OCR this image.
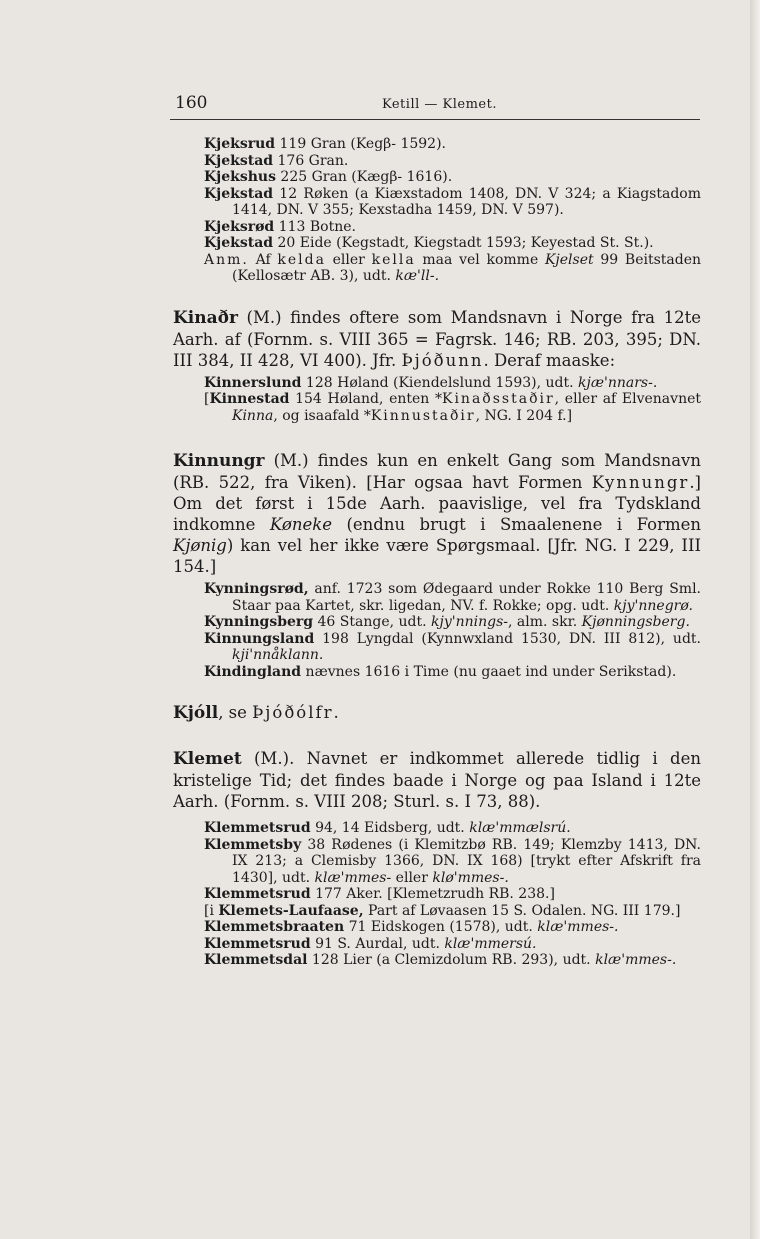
160	Ketill — Klemet.
Kjeksrud 119 Gran (Kegβ- 1592).
Kjekstad 176 Gran.
Kjekshus 225 Gran (Kægβ- 1616).
Kjekstad 12 Røken (a Kiæxstadom 1408, DN. V 324; a Kiagstadom 1414, DN. V 355; Kexstadha 1459, DN. V 597).
Kjeksrød 113 Botne.
Kjekstad 20 Eide (Kegstadt, Kiegstadt 1593; Keyestad St. St.).
Anm. Af kelda eller kella maa vel komme Kjelset 99 Beitstaden (Kellosætr AB. 3), udt. kæ'll-.
Kinaðr (M.) findes oftere som Mandsnavn i Norge fra 12te Aarh. af (Fornm. s. VIII 365 = Fagrsk. 146; RB. 203, 395; DN. III 384, II 428, VI 400). Jfr. Þjóðunn. Deraf maaske:
Kinnerslund 128 Høland (Kiendelslund 1593), udt. kjæ'nnars-.
[Kinnestad 154 Høland, enten *Kinaðsstaðir, eller af Elvenavnet Kinna, og isaafald *Kinnustaðir, NG. I 204 f.]
Kinnungr (M.) findes kun en enkelt Gang som Mandsnavn (RB. 522, fra Viken). [Har ogsaa havt Formen Kynnungr.] Om det først i 15de Aarh. paavislige, vel fra Tydskland indkomne Køneke (endnu brugt i Smaalenene i Formen Kjønig) kan vel her ikke være Spørgsmaal. [Jfr. NG. I 229, III 154.]
Kynningsrød, anf. 1723 som Ødegaard under Rokke 110 Berg Sml. Staar paa Kartet, skr. ligedan, NV. f. Rokke; opg. udt. kjy'nnegrø.
Kynningsberg 46 Stange, udt. kjy'nnings-, alm. skr. Kjønningsberg.
Kinnungsland 198 Lyngdal (Kynnwxland 1530, DN. III 812), udt. kji'nnåklann.
Kindingland nævnes 1616 i Time (nu gaaet ind under Serikstad).
Kjóll, se Þjóðólfr.
Klemet (M.). Navnet er indkommet allerede tidlig i den kristelige Tid; det findes baade i Norge og paa Island i 12te Aarh. (Fornm. s. VIII 208; Sturl. s. I 73, 88).
Klemmetsrud 94, 14 Eidsberg, udt. klæ'mmælsrú.
Klemmetsby 38 Rødenes (i Klemitzbø RB. 149; Klemzby 1413, DN. IX 213; a Clemisby 1366, DN. IX 168) [trykt efter Afskrift fra 1430], udt. klæ'mmes- eller klø'mmes-.
Klemmetsrud 177 Aker. [Klemetzrudh RB. 238.]
[i Klemets-Laufaase, Part af Løvaasen 15 S. Odalen. NG. III 179.]
Klemmetsbraaten 71 Eidskogen (1578), udt. klæ'mmes-.
Klemmetsrud 91 S. Aurdal, udt. klæ'mmersú.
Klemmetsdal 128 Lier (a Clemizdolum RB. 293), udt. klæ'mmes-.
